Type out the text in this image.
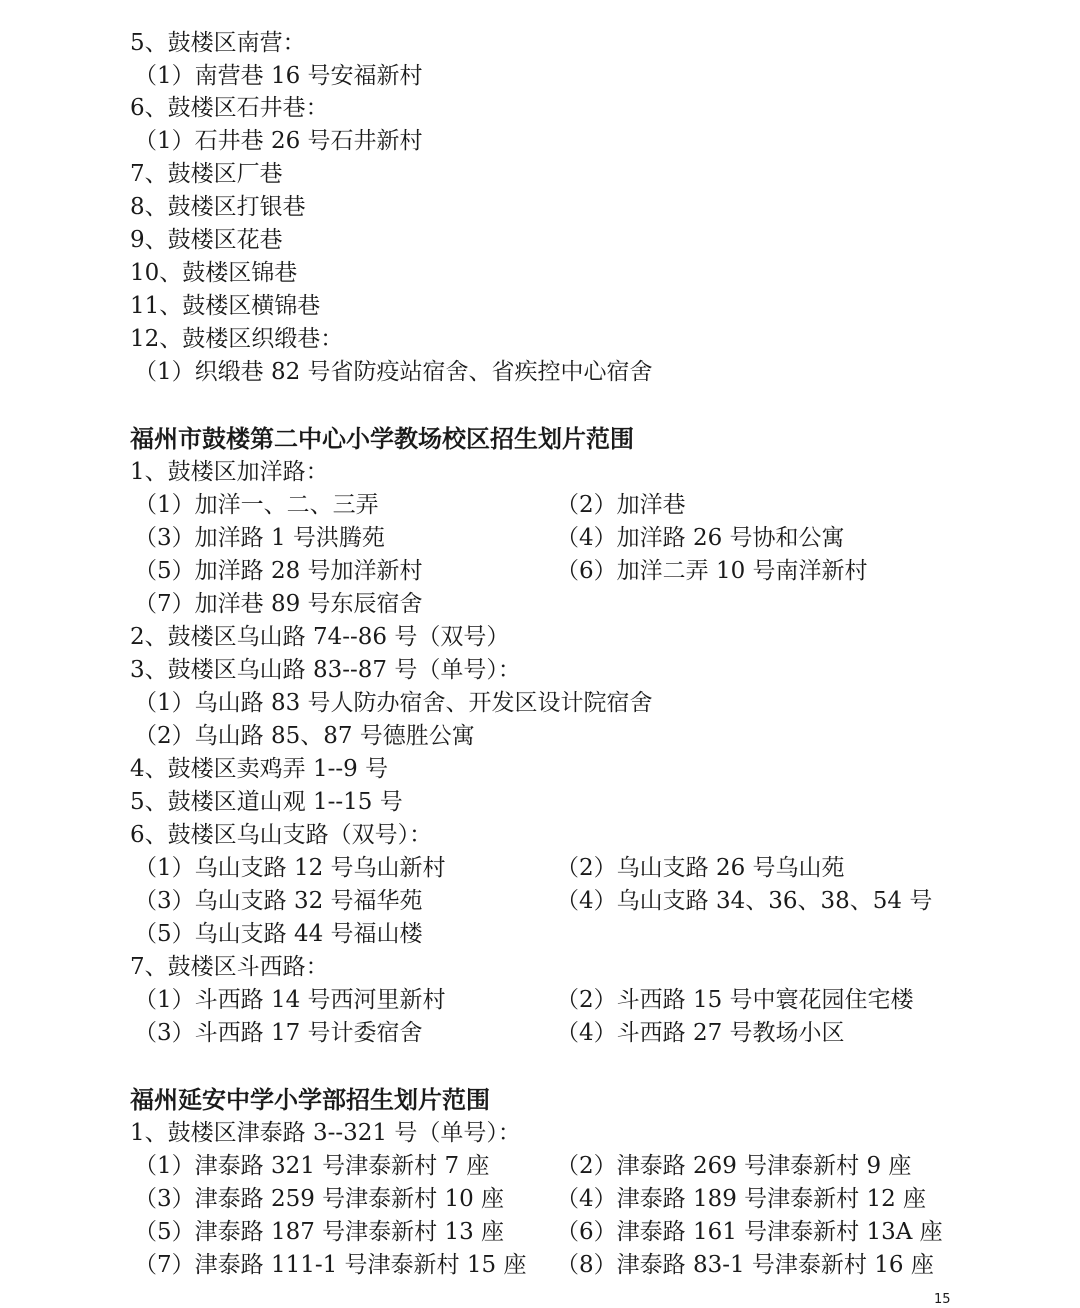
5、鼓楼区南营：
（1）南营巷 16 号安福新村
6、鼓楼区石井巷：
（1）石井巷 26 号石井新村
7、鼓楼区厂巷
8、鼓楼区打银巷
9、鼓楼区花巷
10、鼓楼区锦巷
11、鼓楼区横锦巷
12、鼓楼区织缎巷：
（1）织缎巷 82 号省防疫站宿舍、省疾控中心宿舍
福州市鼓楼第二中心小学教场校区招生划片范围
1、鼓楼区加洋路：
（1）加洋一、二、三弄	（2）加洋巷
（3）加洋路 1 号洪腾苑	（4）加洋路 26 号协和公寓
（5）加洋路 28 号加洋新村	（6）加洋二弄 10 号南洋新村
（7）加洋巷 89 号东辰宿舍
2、鼓楼区乌山路 74--86 号（双号）
3、鼓楼区乌山路 83--87 号（单号）：
（1）乌山路 83 号人防办宿舍、开发区设计院宿舍
（2）乌山路 85、87 号德胜公寓
4、鼓楼区卖鸡弄 1--9 号
5、鼓楼区道山观 1--15 号
6、鼓楼区乌山支路（双号）：
（1）乌山支路 12 号乌山新村	（2）乌山支路 26 号乌山苑
（3）乌山支路 32 号福华苑	（4）乌山支路 34、36、38、54 号
（5）乌山支路 44 号福山楼
7、鼓楼区斗西路：
（1）斗西路 14 号西河里新村	（2）斗西路 15 号中寰花园住宅楼
（3）斗西路 17 号计委宿舍	（4）斗西路 27 号教场小区
福州延安中学小学部招生划片范围
1、鼓楼区津泰路 3--321 号（单号）：
（1）津泰路 321 号津泰新村 7 座	（2）津泰路 269 号津泰新村 9 座
（3）津泰路 259 号津泰新村 10 座 （4）津泰路 189 号津泰新村 12 座
（5）津泰路 187 号津泰新村 13 座 （6）津泰路 161 号津泰新村 13A 座
（7）津泰路 111-1 号津泰新村 15 座 （8）津泰路 83-1 号津泰新村 16 座
15
